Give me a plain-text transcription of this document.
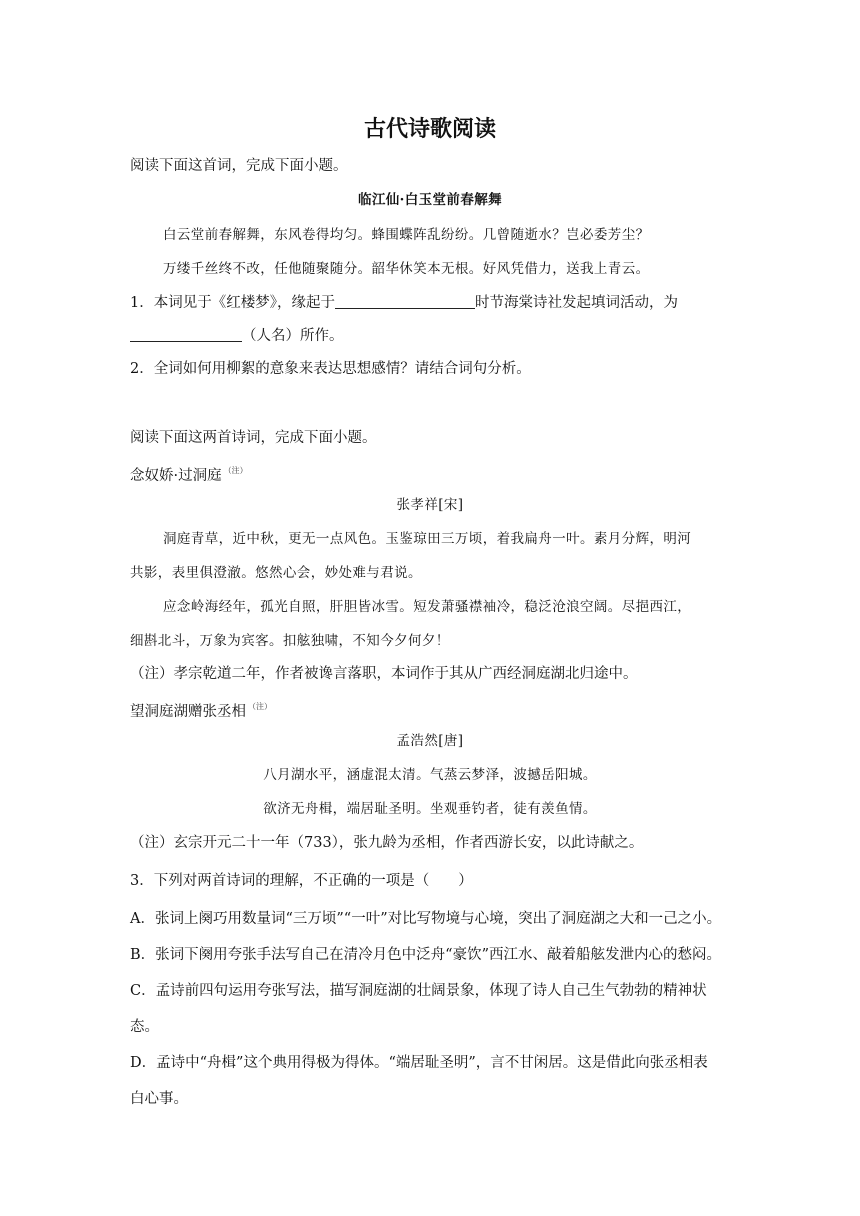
古代诗歌阅读
阅读下面这首词，完成下面小题。
临江仙·白玉堂前春解舞
白云堂前春解舞，东风卷得均匀。蜂围蝶阵乱纷纷。几曾随逝水？岂必委芳尘？
万缕千丝终不改，任他随聚随分。韶华休笑本无根。好风凭借力，送我上青云。
1．本词见于《红楼梦》，缘起于	时节海棠诗社发起填词活动，为
（人名）所作。
2．全词如何用柳絮的意象来表达思想感情？请结合词句分析。
阅读下面这两首诗词，完成下面小题。
念奴娇·过洞庭 $^{(注)}$
张孝祥[宋]
洞庭青草，近中秋，更无一点风色。玉鉴琼田三万顷，着我扁舟一叶。素月分辉，明河
共影，表里俱澄澈。悠然心会，妙处难与君说。
应念岭海经年，孤光自照，肝胆皆冰雪。短发萧骚襟袖冷，稳泛沧浪空阔。尽挹西江，
细斟北斗，万象为宾客。扣舷独啸，不知今夕何夕！
（注）孝宗乾道二年，作者被谗言落职，本词作于其从广西经洞庭湖北归途中。
望洞庭湖赠张丞相 $^{(注)}$
孟浩然[唐]
八月湖水平，涵虚混太清。气蒸云梦泽，波撼岳阳城。
欲济无舟楫，端居耻圣明。坐观垂钓者，徒有羡鱼情。
（注）玄宗开元二十一年（733），张九龄为丞相，作者西游长安，以此诗献之。
3．下列对两首诗词的理解，不正确的一项是（　　）
A．张词上阕巧用数量词“三万顷”“一叶”对比写物境与心境，突出了洞庭湖之大和一己之小。
B．张词下阕用夸张手法写自己在清冷月色中泛舟“豪饮”西江水、敲着船舷发泄内心的愁闷。
C．孟诗前四句运用夸张写法，描写洞庭湖的壮阔景象，体现了诗人自己生气勃勃的精神状
态。
D．孟诗中“舟楫”这个典用得极为得体。“端居耻圣明”，言不甘闲居。这是借此向张丞相表
白心事。
